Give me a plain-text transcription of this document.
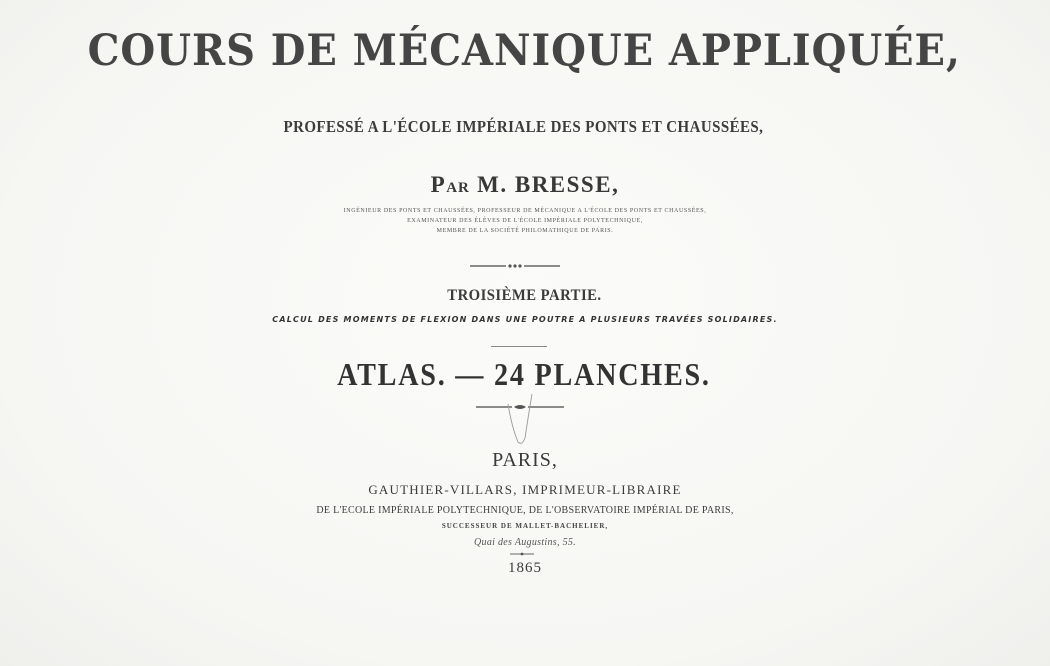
COURS DE MÉCANIQUE APPLIQUÉE,
PROFESSÉ A L'ÉCOLE IMPÉRIALE DES PONTS ET CHAUSSÉES,
PAR M. BRESSE,
INGÉNIEUR DES PONTS ET CHAUSSÉES, PROFESSEUR DE MÉCANIQUE A L'ÉCOLE DES PONTS ET CHAUSSÉES,
EXAMINATEUR DES ÉLÈVES DE L'ÉCOLE IMPÉRIALE POLYTECHNIQUE,
MEMBRE DE LA SOCIÉTÉ PHILOMATHIQUE DE PARIS.
TROISIÈME PARTIE.
CALCUL DES MOMENTS DE FLEXION DANS UNE POUTRE A PLUSIEURS TRAVÉES SOLIDAIRES.
ATLAS. — 24 PLANCHES.
PARIS,
GAUTHIER-VILLARS, IMPRIMEUR-LIBRAIRE
DE L'ECOLE IMPÉRIALE POLYTECHNIQUE, DE L'OBSERVATOIRE IMPÉRIAL DE PARIS,
SUCCESSEUR DE MALLET-BACHELIER,
Quai des Augustins, 55.
1865
